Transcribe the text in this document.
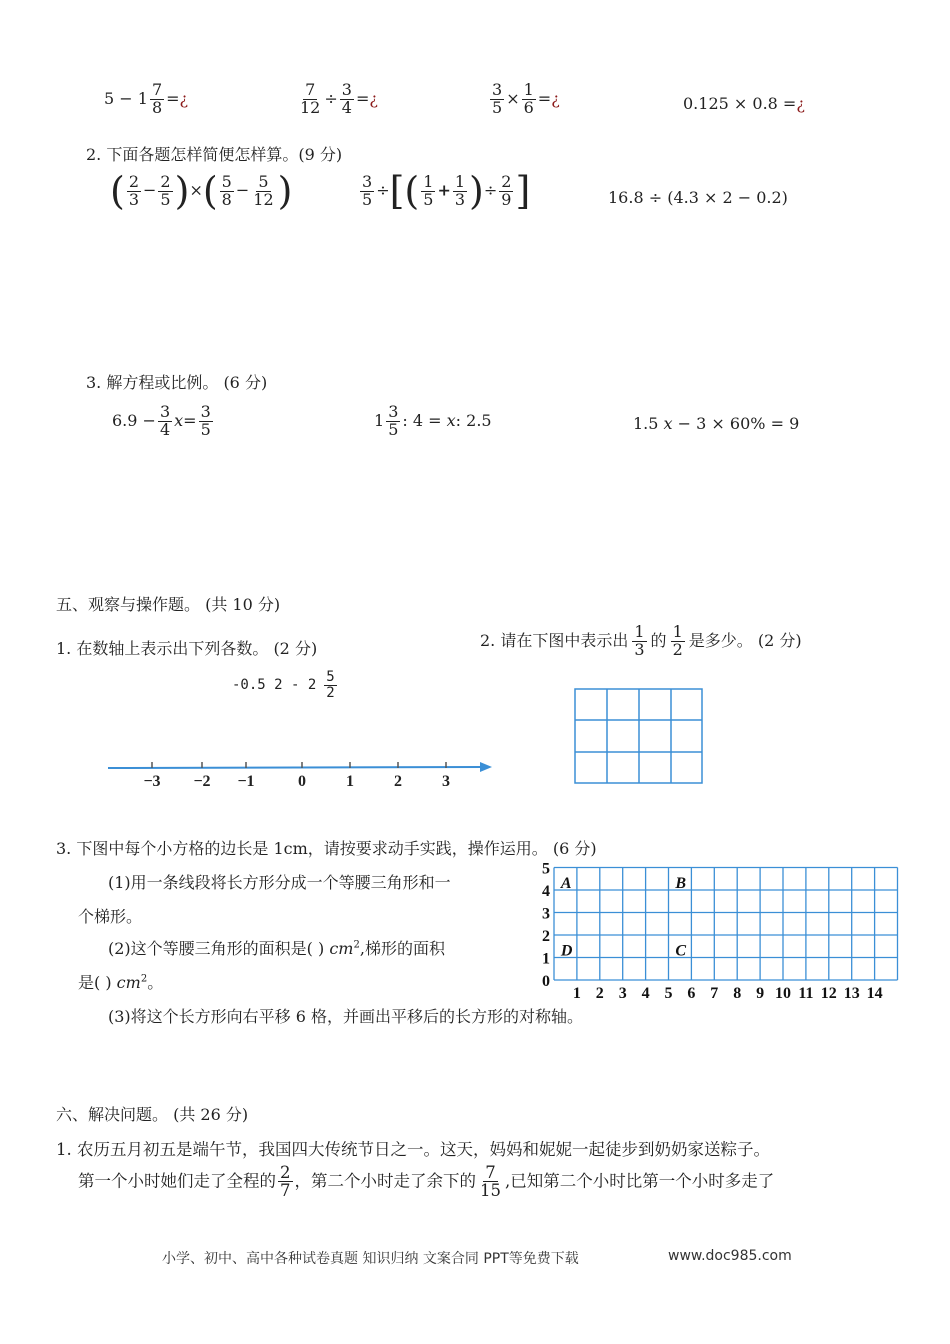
$5 - 1 \frac{7}{8}$ =¿	$\frac{7}{12} \div \frac{3}{4}$ =¿	$\frac{3}{5} \times \frac{1}{6}$ =¿	0.125 × 0.8 =¿
2. 下面各题怎样简便怎样算。(9 分)
( $\frac{2}{3} - \frac{2}{5}$ )×( $\frac{5}{8} - \frac{5}{12}$ )	$\frac{3}{5}$ ÷[( $\frac{1}{5} + \frac{1}{3}$ )÷ $\frac{2}{9}$ ]	16.8 ÷ (4.3 × 2 − 0.2)
3. 解方程或比例。 (6 分)
$6.9 - \frac{3}{4} x= \frac{3}{5}$	$1 \frac{3}{5}$ : 4 = x: 2.5	1.5 x − 3 × 60% = 9
五、观察与操作题。 (共 10 分)
1. 在数轴上表示出下列各数。 (2 分)	2. 请在下图中表示出 $\frac{1}{3}$ 的 $\frac{1}{2}$ 是多少。 (2 分)
-0.5 $2 - 2 \frac{5}{2}$
−3 −2 −1	0	1	2	3
3. 下图中每个小方格的边长是 1cm，请按要求动手实践，操作运用。 (6 分)
(1)用一条线段将长方形分成一个等腰三角形和一
个梯形。
(2)这个等腰三角形的面积是( ) $cm^2$,梯形的面积
是( ) $cm^2$。
(3)将这个长方形向右平移 6 格，并画出平移后的长方形的对称轴。
5
4
3
2
1
0
1 2 3 4 5 6 7 8 9 10 11 12 13 14
A	B
C
D
六、解决问题。 (共 26 分)
1. 农历五月初五是端午节，我国四大传统节日之一。这天，妈妈和妮妮一起徒步到奶奶家送粽子。
第一个小时她们走了全程的 $\frac{2}{7}$ ，第二个小时走了余下的 $\frac{7}{15}$ ,已知第二个小时比第一个小时多走了
小学、初中、高中各种试卷真题 知识归纳 文案合同 PPT等免费下载	www.doc985.com
